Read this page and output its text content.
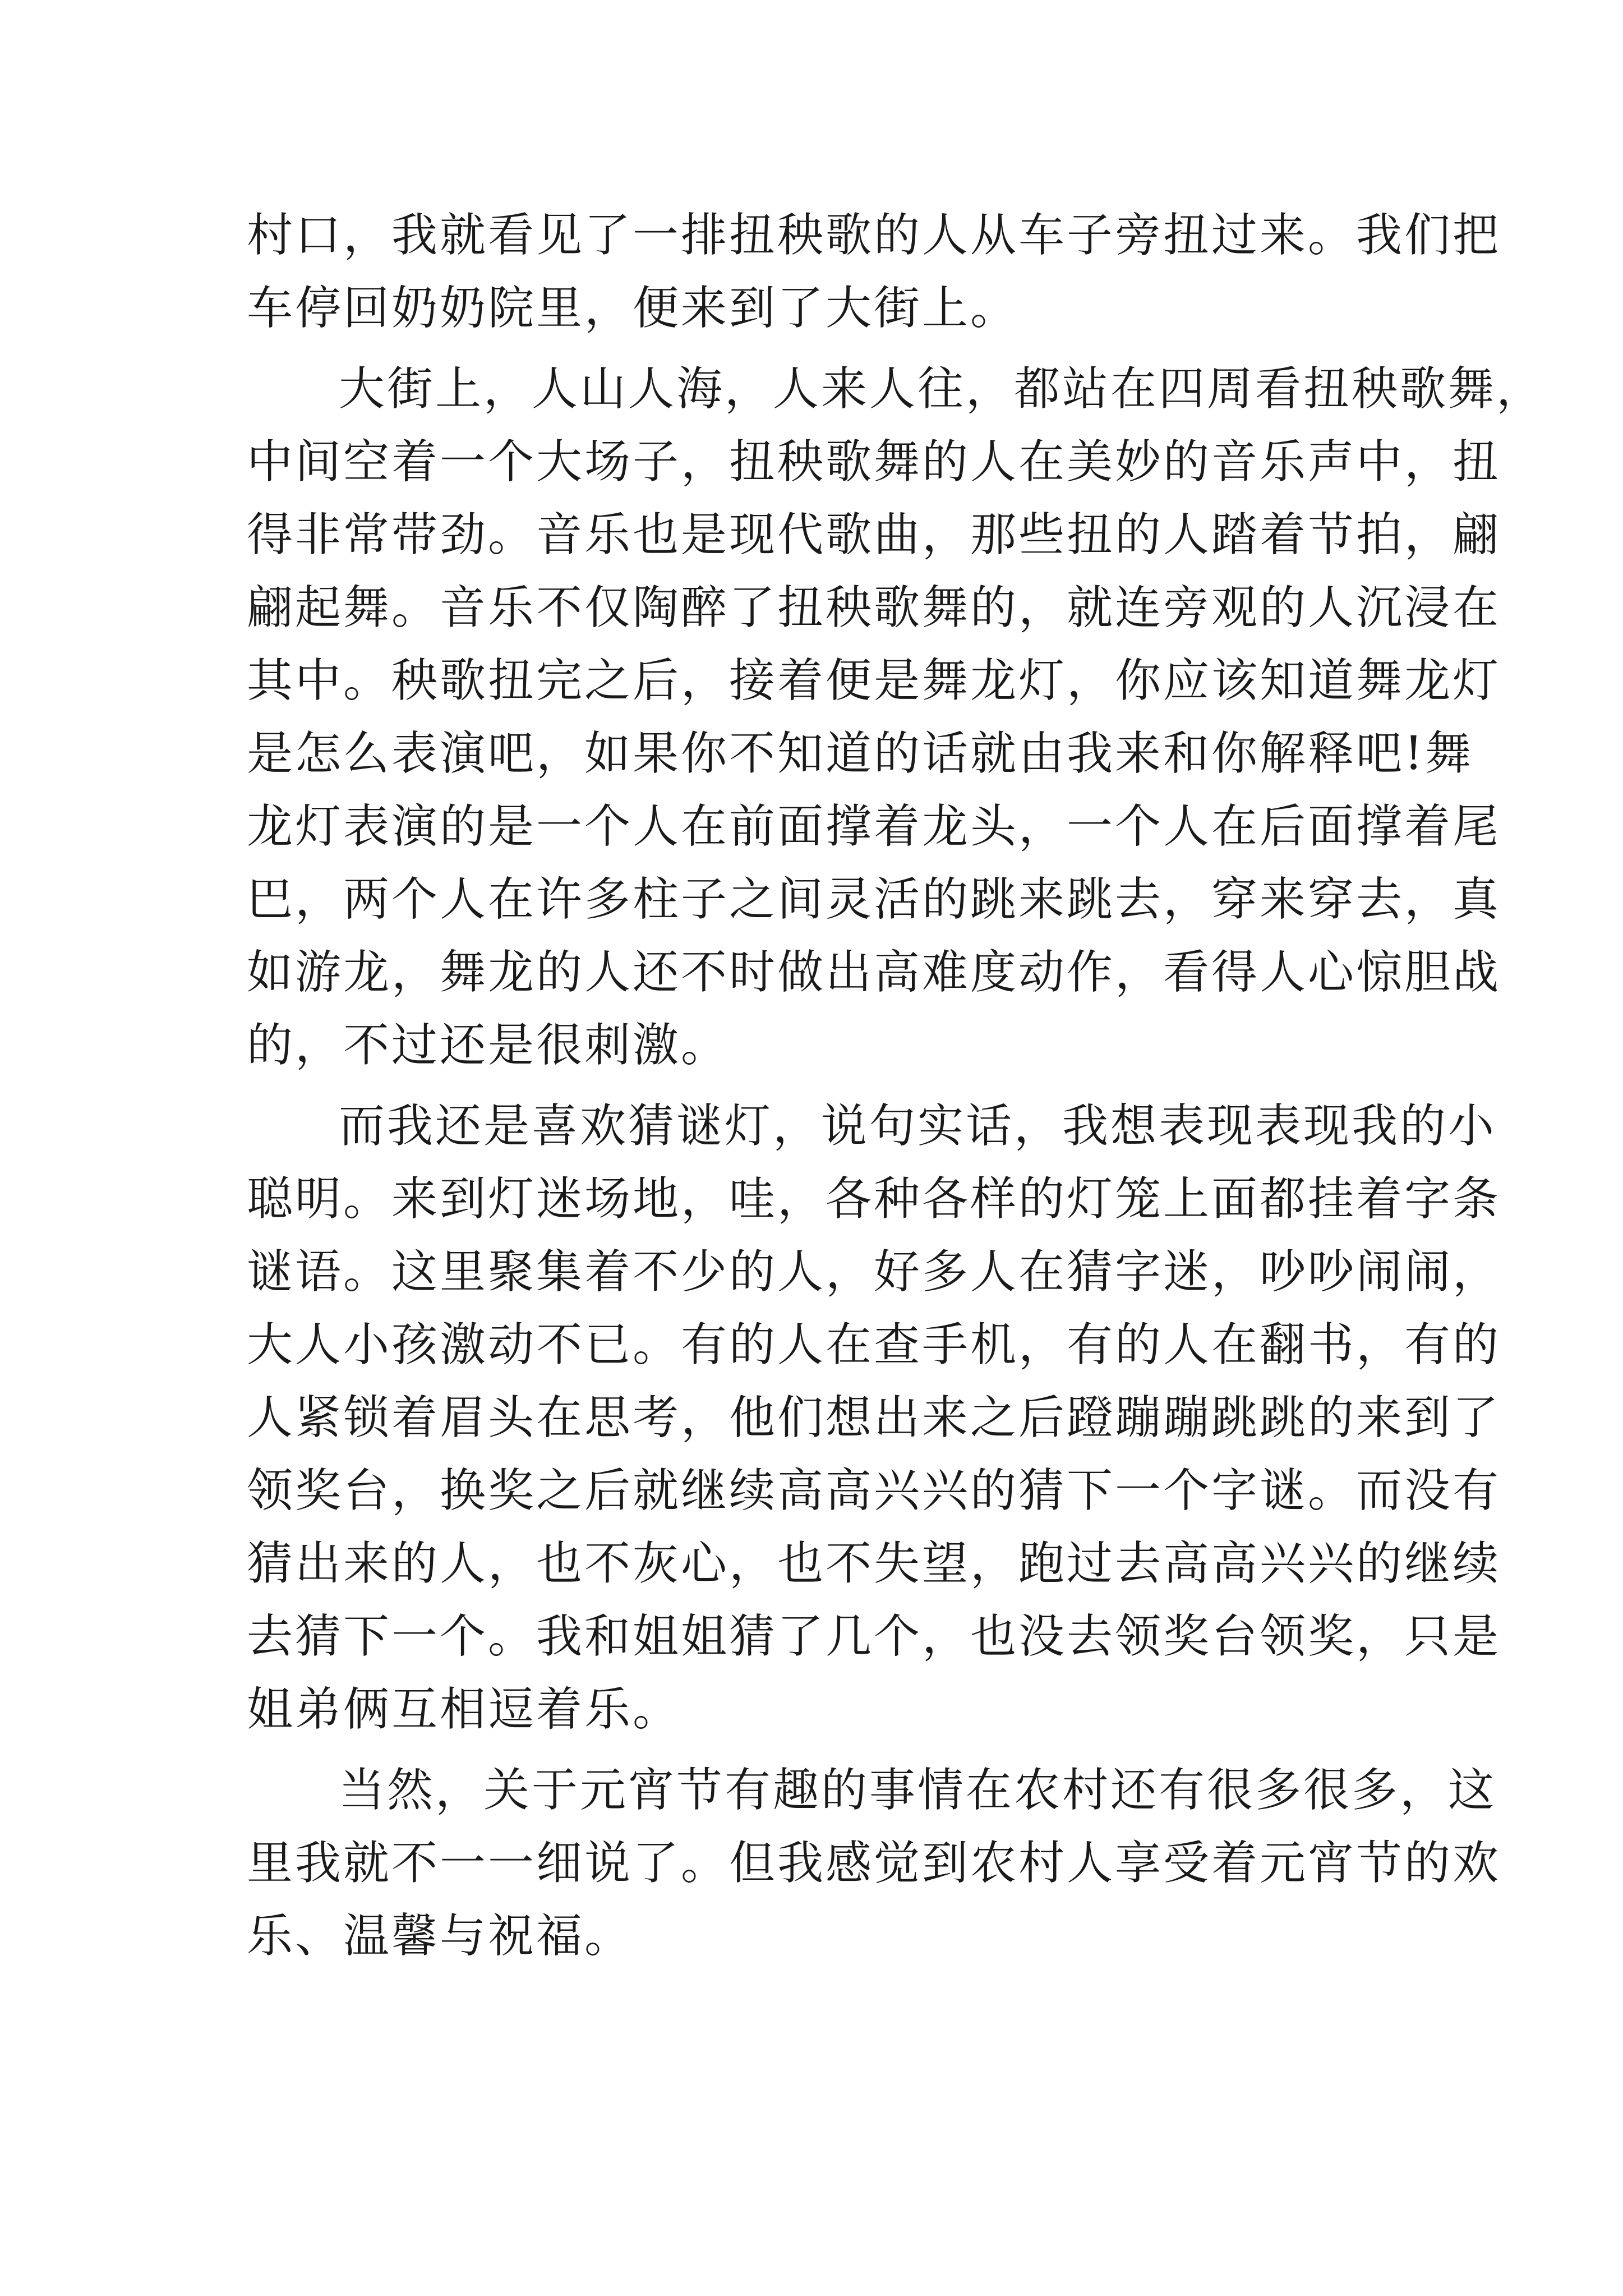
村口，我就看见了一排扭秧歌的人从车子旁扭过来。我们把
车停回奶奶院里，便来到了大街上。

大街上，人山人海，人来人往，都站在四周看扭秧歌舞，
中间空着一个大场子，扭秧歌舞的人在美妙的音乐声中，扭
得非常带劲。音乐也是现代歌曲，那些扭的人踏着节拍，翩
翩起舞。音乐不仅陶醉了扭秧歌舞的，就连旁观的人沉浸在
其中。秧歌扭完之后，接着便是舞龙灯，你应该知道舞龙灯
是怎么表演吧，如果你不知道的话就由我来和你解释吧!舞
龙灯表演的是一个人在前面撑着龙头，一个人在后面撑着尾
巴，两个人在许多柱子之间灵活的跳来跳去，穿来穿去，真
如游龙，舞龙的人还不时做出高难度动作，看得人心惊胆战
的，不过还是很刺激。

而我还是喜欢猜谜灯，说句实话，我想表现表现我的小
聪明。来到灯迷场地，哇，各种各样的灯笼上面都挂着字条
谜语。这里聚集着不少的人，好多人在猜字迷，吵吵闹闹，
大人小孩激动不已。有的人在查手机，有的人在翻书，有的
人紧锁着眉头在思考，他们想出来之后蹬蹦蹦跳跳的来到了
领奖台，换奖之后就继续高高兴兴的猜下一个字谜。而没有
猜出来的人，也不灰心，也不失望，跑过去高高兴兴的继续
去猜下一个。我和姐姐猜了几个，也没去领奖台领奖，只是
姐弟俩互相逗着乐。

当然，关于元宵节有趣的事情在农村还有很多很多，这
里我就不一一细说了。但我感觉到农村人享受着元宵节的欢
乐、温馨与祝福。
